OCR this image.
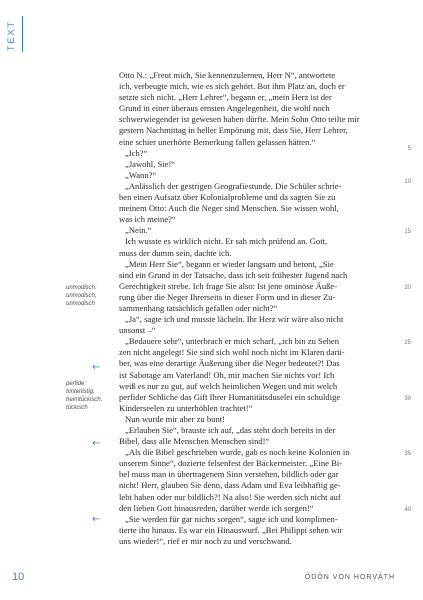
TEXT
Otto N.: „Freut mich, Sie kennenzulernen, Herr N“, antwortete
ich, verbeugte mich, wie es sich gehört. Bot ihm Platz an, doch er
setzte sich nicht. „Herr Lehrer“, begann er, „mein Herz ist der
Grund in einer überaus ernsten Angelegenheit, die wohl noch
schwerwiegender ist gewesen haben dürfte. Mein Sohn Otto teilte mir
gestern Nachmittag in heller Empörung mit, dass Sie, Herr Lehrer,
eine schier unerhörte Bemerkung fallen gelassen hätten.“
„Ich?“
„Jawohl, Sie!“
„Wann?“
„Anlässlich der gestrigen Geografiestunde. Die Schüler schrie-
ben einen Aufsatz über Kolonialprobleme und da sagten Sie zu
meinem Otto: Auch die Neger sind Menschen. Sie wissen wohl,
was ich meine?“
„Nein.“
Ich wusste es wirklich nicht. Er sah mich prüfend an. Gott,
muss der dumm sein, dachte ich.
„Mein Herr Sie“, begann er wieder langsam und betont, „Sie
sind ein Grund in der Tatsache, dass ich seit frühester Jugend nach
Gerechtigkeit strebe. Ich frage Sie also: Ist jene ominöse Äuße-
rung über die Neger Ihrerseits in dieser Form und in dieser Zu-
sammenhang tatsächlich gefallen oder nicht?“
„Ja“, sagte ich und musste lächeln. Ihr Herz wir wäre also nicht
unsonst –“
„Bedauere sehr“, unterbrach er mich scharf, „ich bin zu Sehen
zen nicht angelegt! Sie sind sich wohl noch nicht im Klaren darü-
ber, was eine derartige Äußerung über die Neger bedeutet?! Das
ist Sabotage am Vaterland! Oh, mir machen Sie nichts vor! Ich
weiß es nur zu gut, auf welch heimlichen Wegen und mit welch
perfider Schliche das Gift Ihrer Humanitätsduselei ein schuldige
Kinderseelen zu unterhöhlen trachtet!“
Nun wurde mir aber zu bunt!
„Erlauben Sie“, brauste ich auf, „das steht doch bereits in der
Bibel, dass alle Menschen Menschen sind!“
„Als die Bibel geschrieben wurde, gab es noch keine Kolonien in
unserem Sinne“, dozierte felsenfest der Bäckermeister. „Eine Bi-
bel muss man in übertragenem Sinn verstehen, bildlich oder gar
nicht! Herr, glauben Sie denn, dass Adam und Eva leibhaftig ge-
lebt haben oder nur bildlich?! Na also! Sie werden sich nicht auf
den lieben Gott hinausreden, darüber werde ich sorgen!“
„Sie werden für gar nichts sorgen“, sagte ich und komplimen-
tierte ihn hinaus. Es war ein Hinauswurf. „Bei Philippi sehen wir
uns wieder!“, rief er mir noch zu und verschwand.
5
10
15
20
25
30
35
40
unmodisch: unmodisch, unmodisch
perfide: hinterlistig, heimtückisch, tückisch
←
←
←
10	ÖDÖN VON HORVÁTH
